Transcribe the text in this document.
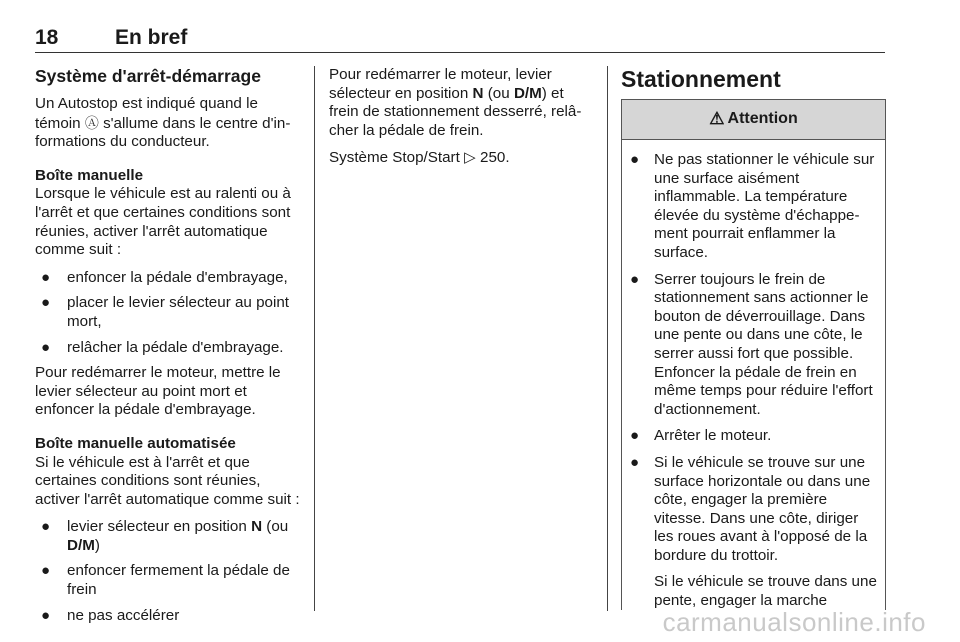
18	En bref
Système d'arrêt-démarrage

Un Autostop est indiqué quand le témoin Ⓐ s'allume dans le centre d'informations du conducteur.

Boîte manuelle

Lorsque le véhicule est au ralenti ou à l'arrêt et que certaines conditions sont réunies, activer l'arrêt automatique comme suit :

● enfoncer la pédale d'embrayage,
● placer le levier sélecteur au point mort,
● relâcher la pédale d'embrayage.

Pour redémarrer le moteur, mettre le levier sélecteur au point mort et enfoncer la pédale d'embrayage.

Boîte manuelle automatisée

Si le véhicule est à l'arrêt et que certaines conditions sont réunies, activer l'arrêt automatique comme suit :

● levier sélecteur en position N (ou D/M)
● enfoncer fermement la pédale de frein
● ne pas accélérer

Pour redémarrer le moteur, levier sélecteur en position N (ou D/M) et frein de stationnement desserré, relâcher la pédale de frein.

Système Stop/Start ▷ 250.

Stationnement
⚠ Attention
● Ne pas stationner le véhicule sur une surface aisément inflammable. La température élevée du système d'échappement pourrait enflammer la surface.
● Serrer toujours le frein de stationnement sans actionner le bouton de déverrouillage. Dans une pente ou dans une côte, le serrer aussi fort que possible. Enfoncer la pédale de frein en même temps pour réduire l'effort d'actionnement.
● Arrêter le moteur.
● Si le véhicule se trouve sur une surface horizontale ou dans une côte, engager la première vitesse. Dans une côte, diriger les roues avant à l'opposé de la bordure du trottoir.

Si le véhicule se trouve dans une pente, engager la marche

carmanualsonline.info
